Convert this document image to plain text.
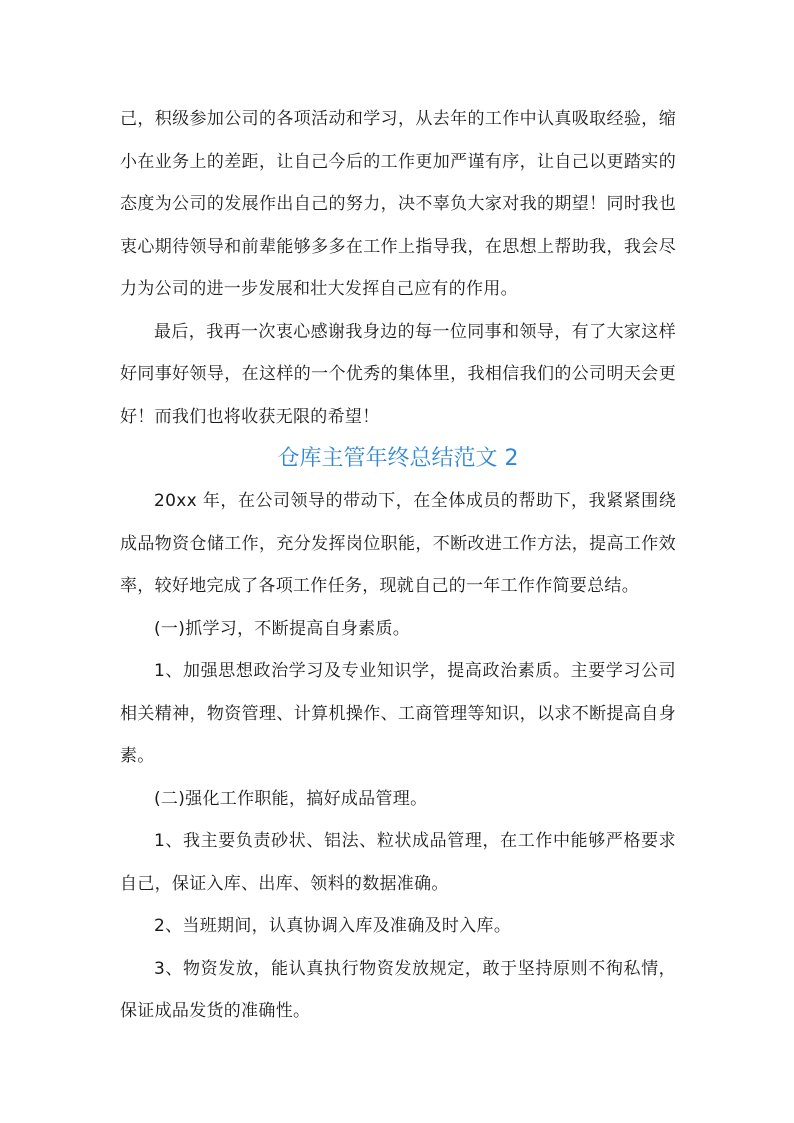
己，积级参加公司的各项活动和学习，从去年的工作中认真吸取经验，缩小在业务上的差距，让自己今后的工作更加严谨有序，让自己以更踏实的态度为公司的发展作出自己的努力，决不辜负大家对我的期望！同时我也衷心期待领导和前辈能够多多在工作上指导我，在思想上帮助我，我会尽力为公司的进一步发展和壮大发挥自己应有的作用。

最后，我再一次衷心感谢我身边的每一位同事和领导，有了大家这样好同事好领导，在这样的一个优秀的集体里，我相信我们的公司明天会更好！而我们也将收获无限的希望！

仓库主管年终总结范文 2

20xx 年，在公司领导的带动下，在全体成员的帮助下，我紧紧围绕成品物资仓储工作，充分发挥岗位职能，不断改进工作方法，提高工作效率，较好地完成了各项工作任务，现就自己的一年工作作简要总结。

(一)抓学习，不断提高自身素质。

1、加强思想政治学习及专业知识学，提高政治素质。主要学习公司相关精神，物资管理、计算机操作、工商管理等知识，以求不断提高自身素。

(二)强化工作职能，搞好成品管理。

1、我主要负责砂状、铝法、粒状成品管理，在工作中能够严格要求自己，保证入库、出库、领料的数据准确。

2、当班期间，认真协调入库及准确及时入库。

3、物资发放，能认真执行物资发放规定，敢于坚持原则不徇私情，保证成品发货的准确性。
